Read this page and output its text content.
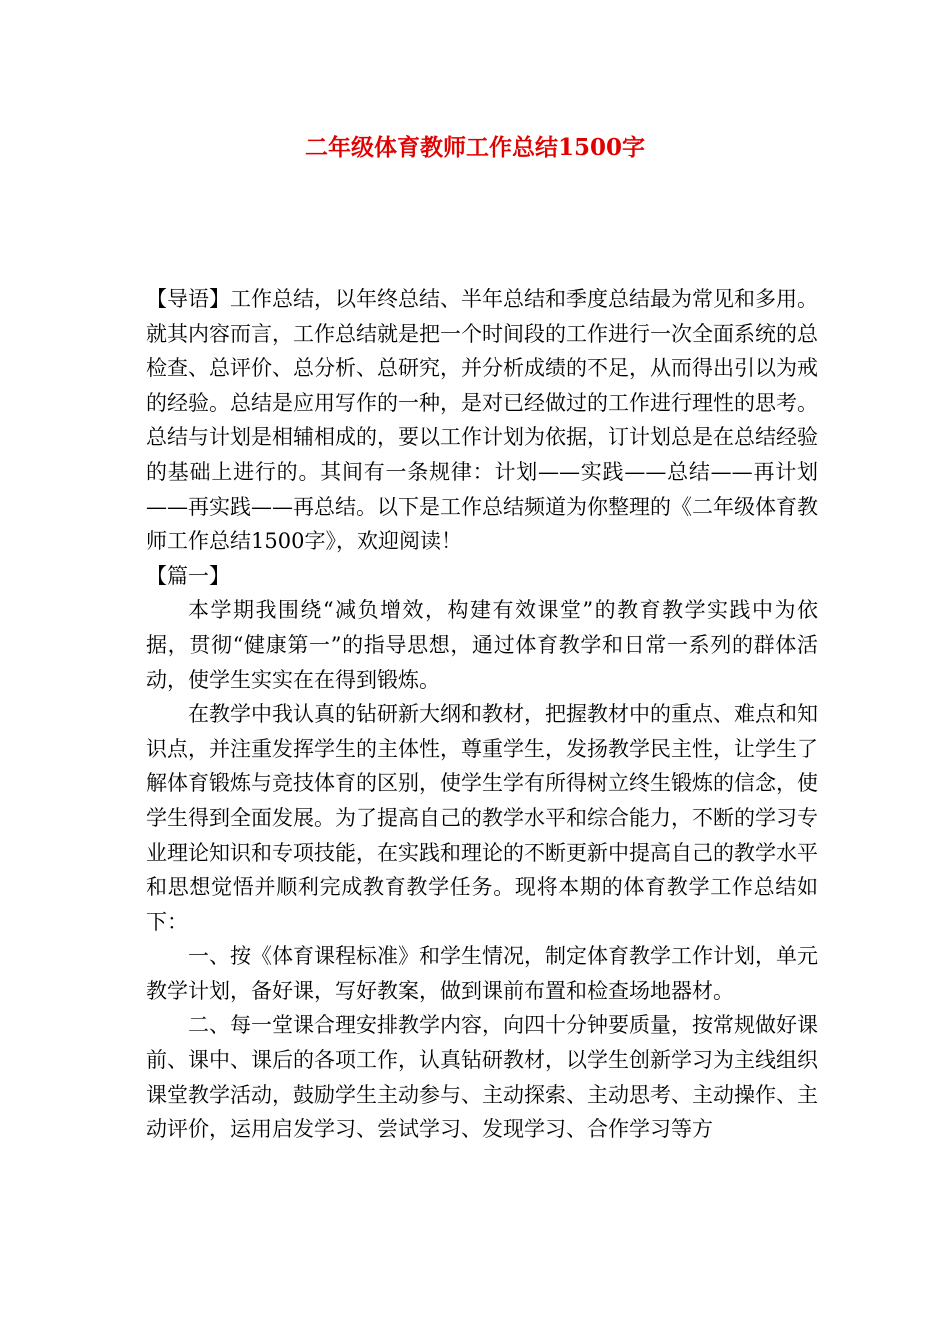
二年级体育教师工作总结1500字

【导语】工作总结，以年终总结、半年总结和季度总结最为常见和多用。就其内容而言，工作总结就是把一个时间段的工作进行一次全面系统的总检查、总评价、总分析、总研究，并分析成绩的不足，从而得出引以为戒的经验。总结是应用写作的一种，是对已经做过的工作进行理性的思考。总结与计划是相辅相成的，要以工作计划为依据，订计划总是在总结经验的基础上进行的。其间有一条规律：计划——实践——总结——再计划——再实践——再总结。以下是工作总结频道为你整理的《二年级体育教师工作总结1500字》，欢迎阅读！

【篇一】

本学期我围绕“减负增效，构建有效课堂”的教育教学实践中为依据，贯彻“健康第一”的指导思想，通过体育教学和日常一系列的群体活动，使学生实实在在得到锻炼。

在教学中我认真的钻研新大纲和教材，把握教材中的重点、难点和知识点，并注重发挥学生的主体性，尊重学生，发扬教学民主性，让学生了解体育锻炼与竞技体育的区别，使学生学有所得树立终生锻炼的信念，使学生得到全面发展。为了提高自己的教学水平和综合能力，不断的学习专业理论知识和专项技能，在实践和理论的不断更新中提高自己的教学水平和思想觉悟并顺利完成教育教学任务。现将本期的体育教学工作总结如下：

一、按《体育课程标准》和学生情况，制定体育教学工作计划，单元教学计划，备好课，写好教案，做到课前布置和检查场地器材。

二、每一堂课合理安排教学内容，向四十分钟要质量，按常规做好课前、课中、课后的各项工作，认真钻研教材，以学生创新学习为主线组织课堂教学活动，鼓励学生主动参与、主动探索、主动思考、主动操作、主动评价，运用启发学习、尝试学习、发现学习、合作学习等方
